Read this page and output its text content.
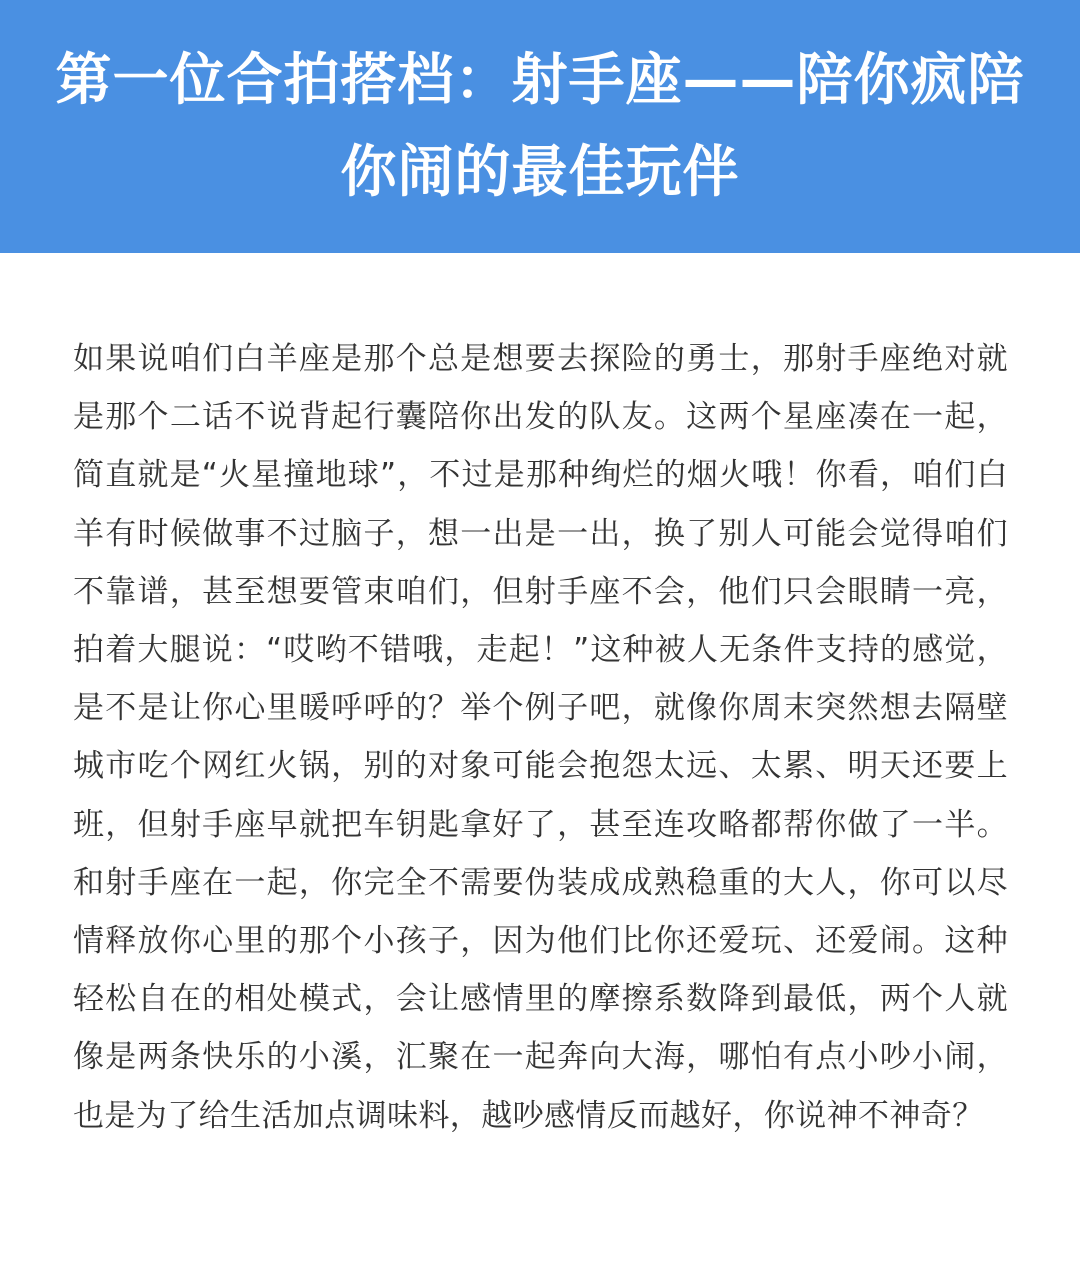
第一位合拍搭档：射手座——陪你疯陪
你闹的最佳玩伴

如果说咱们白羊座是那个总是想要去探险的勇士，那射手座绝对就是那个二话不说背起行囊陪你出发的队友。这两个星座凑在一起，简直就是“火星撞地球”，不过是那种绚烂的烟火哦！你看，咱们白羊有时候做事不过脑子，想一出是一出，换了别人可能会觉得咱们不靠谱，甚至想要管束咱们，但射手座不会，他们只会眼睛一亮，拍着大腿说：“哎哟不错哦，走起！”这种被人无条件支持的感觉，是不是让你心里暖呼呼的？举个例子吧，就像你周末突然想去隔壁城市吃个网红火锅，别的对象可能会抱怨太远、太累、明天还要上班，但射手座早就把车钥匙拿好了，甚至连攻略都帮你做了一半。和射手座在一起，你完全不需要伪装成成熟稳重的大人，你可以尽情释放你心里的那个小孩子，因为他们比你还爱玩、还爱闹。这种轻松自在的相处模式，会让感情里的摩擦系数降到最低，两个人就像是两条快乐的小溪，汇聚在一起奔向大海，哪怕有点小吵小闹，也是为了给生活加点调味料，越吵感情反而越好，你说神不神奇？
